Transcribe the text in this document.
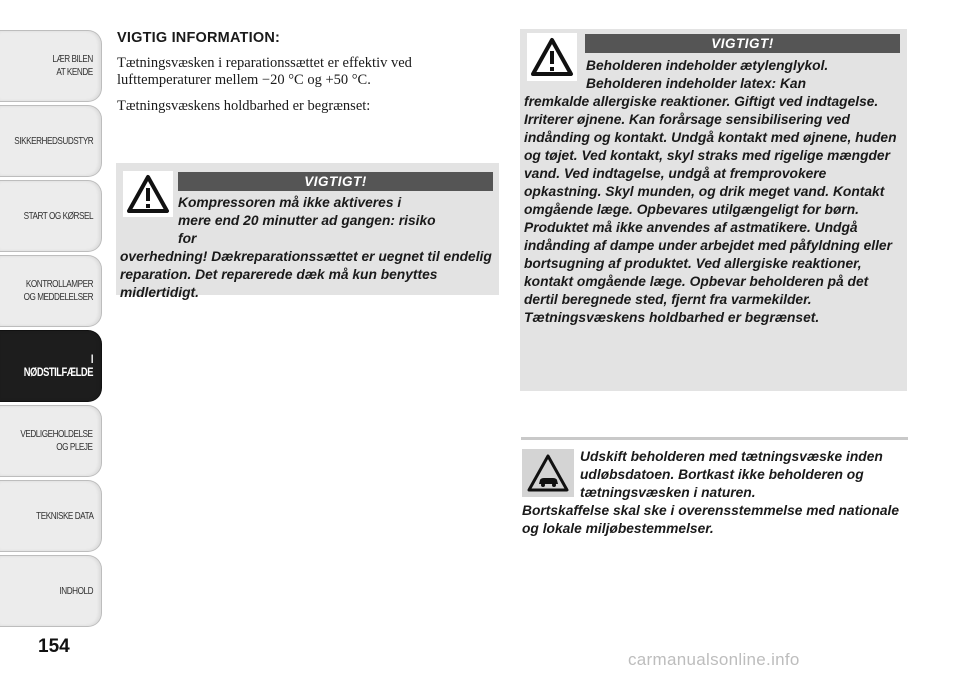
LÆR BILEN
AT KENDE
SIKKERHEDSUDSTYR
START OG KØRSEL
KONTROLLAMPER
OG MEDDELELSER
I NØDSTILFÆLDE
VEDLIGEHOLDELSE
OG PLEJE
TEKNISKE DATA
INDHOLD
154

VIGTIG INFORMATION:

Tætningsvæsken i reparationssættet er effektiv ved lufttemperaturer mellem −20 °C og +50 °C.

Tætningsvæskens holdbarhed er begrænset:

VIGTIGT!

Kompressoren må ikke aktiveres i mere end 20 minutter ad gangen: risiko for overhedning! Dækreparationssættet er uegnet til endelig reparation. Det reparerede dæk må kun benyttes midlertidigt.

VIGTIGT!

Beholderen indeholder ætylenglykol. Beholderen indeholder latex: Kan fremkalde allergiske reaktioner. Giftigt ved indtagelse. Irriterer øjnene. Kan forårsage sensibilisering ved indånding og kontakt. Undgå kontakt med øjnene, huden og tøjet. Ved kontakt, skyl straks med rigelige mængder vand. Ved indtagelse, undgå at fremprovokere opkastning. Skyl munden, og drik meget vand. Kontakt omgående læge. Opbevares utilgængeligt for børn. Produktet må ikke anvendes af astmatikere. Undgå indånding af dampe under arbejdet med påfyldning eller bortsugning af produktet. Ved allergiske reaktioner, kontakt omgående læge. Opbevar beholderen på det dertil beregnede sted, fjernt fra varmekilder. Tætningsvæskens holdbarhed er begrænset.

Udskift beholderen med tætningsvæske inden udløbsdatoen. Bortkast ikke beholderen og tætningsvæsken i naturen. Bortskaffelse skal ske i overensstemmelse med nationale og lokale miljøbestemmelser.

carmanualsonline.info
